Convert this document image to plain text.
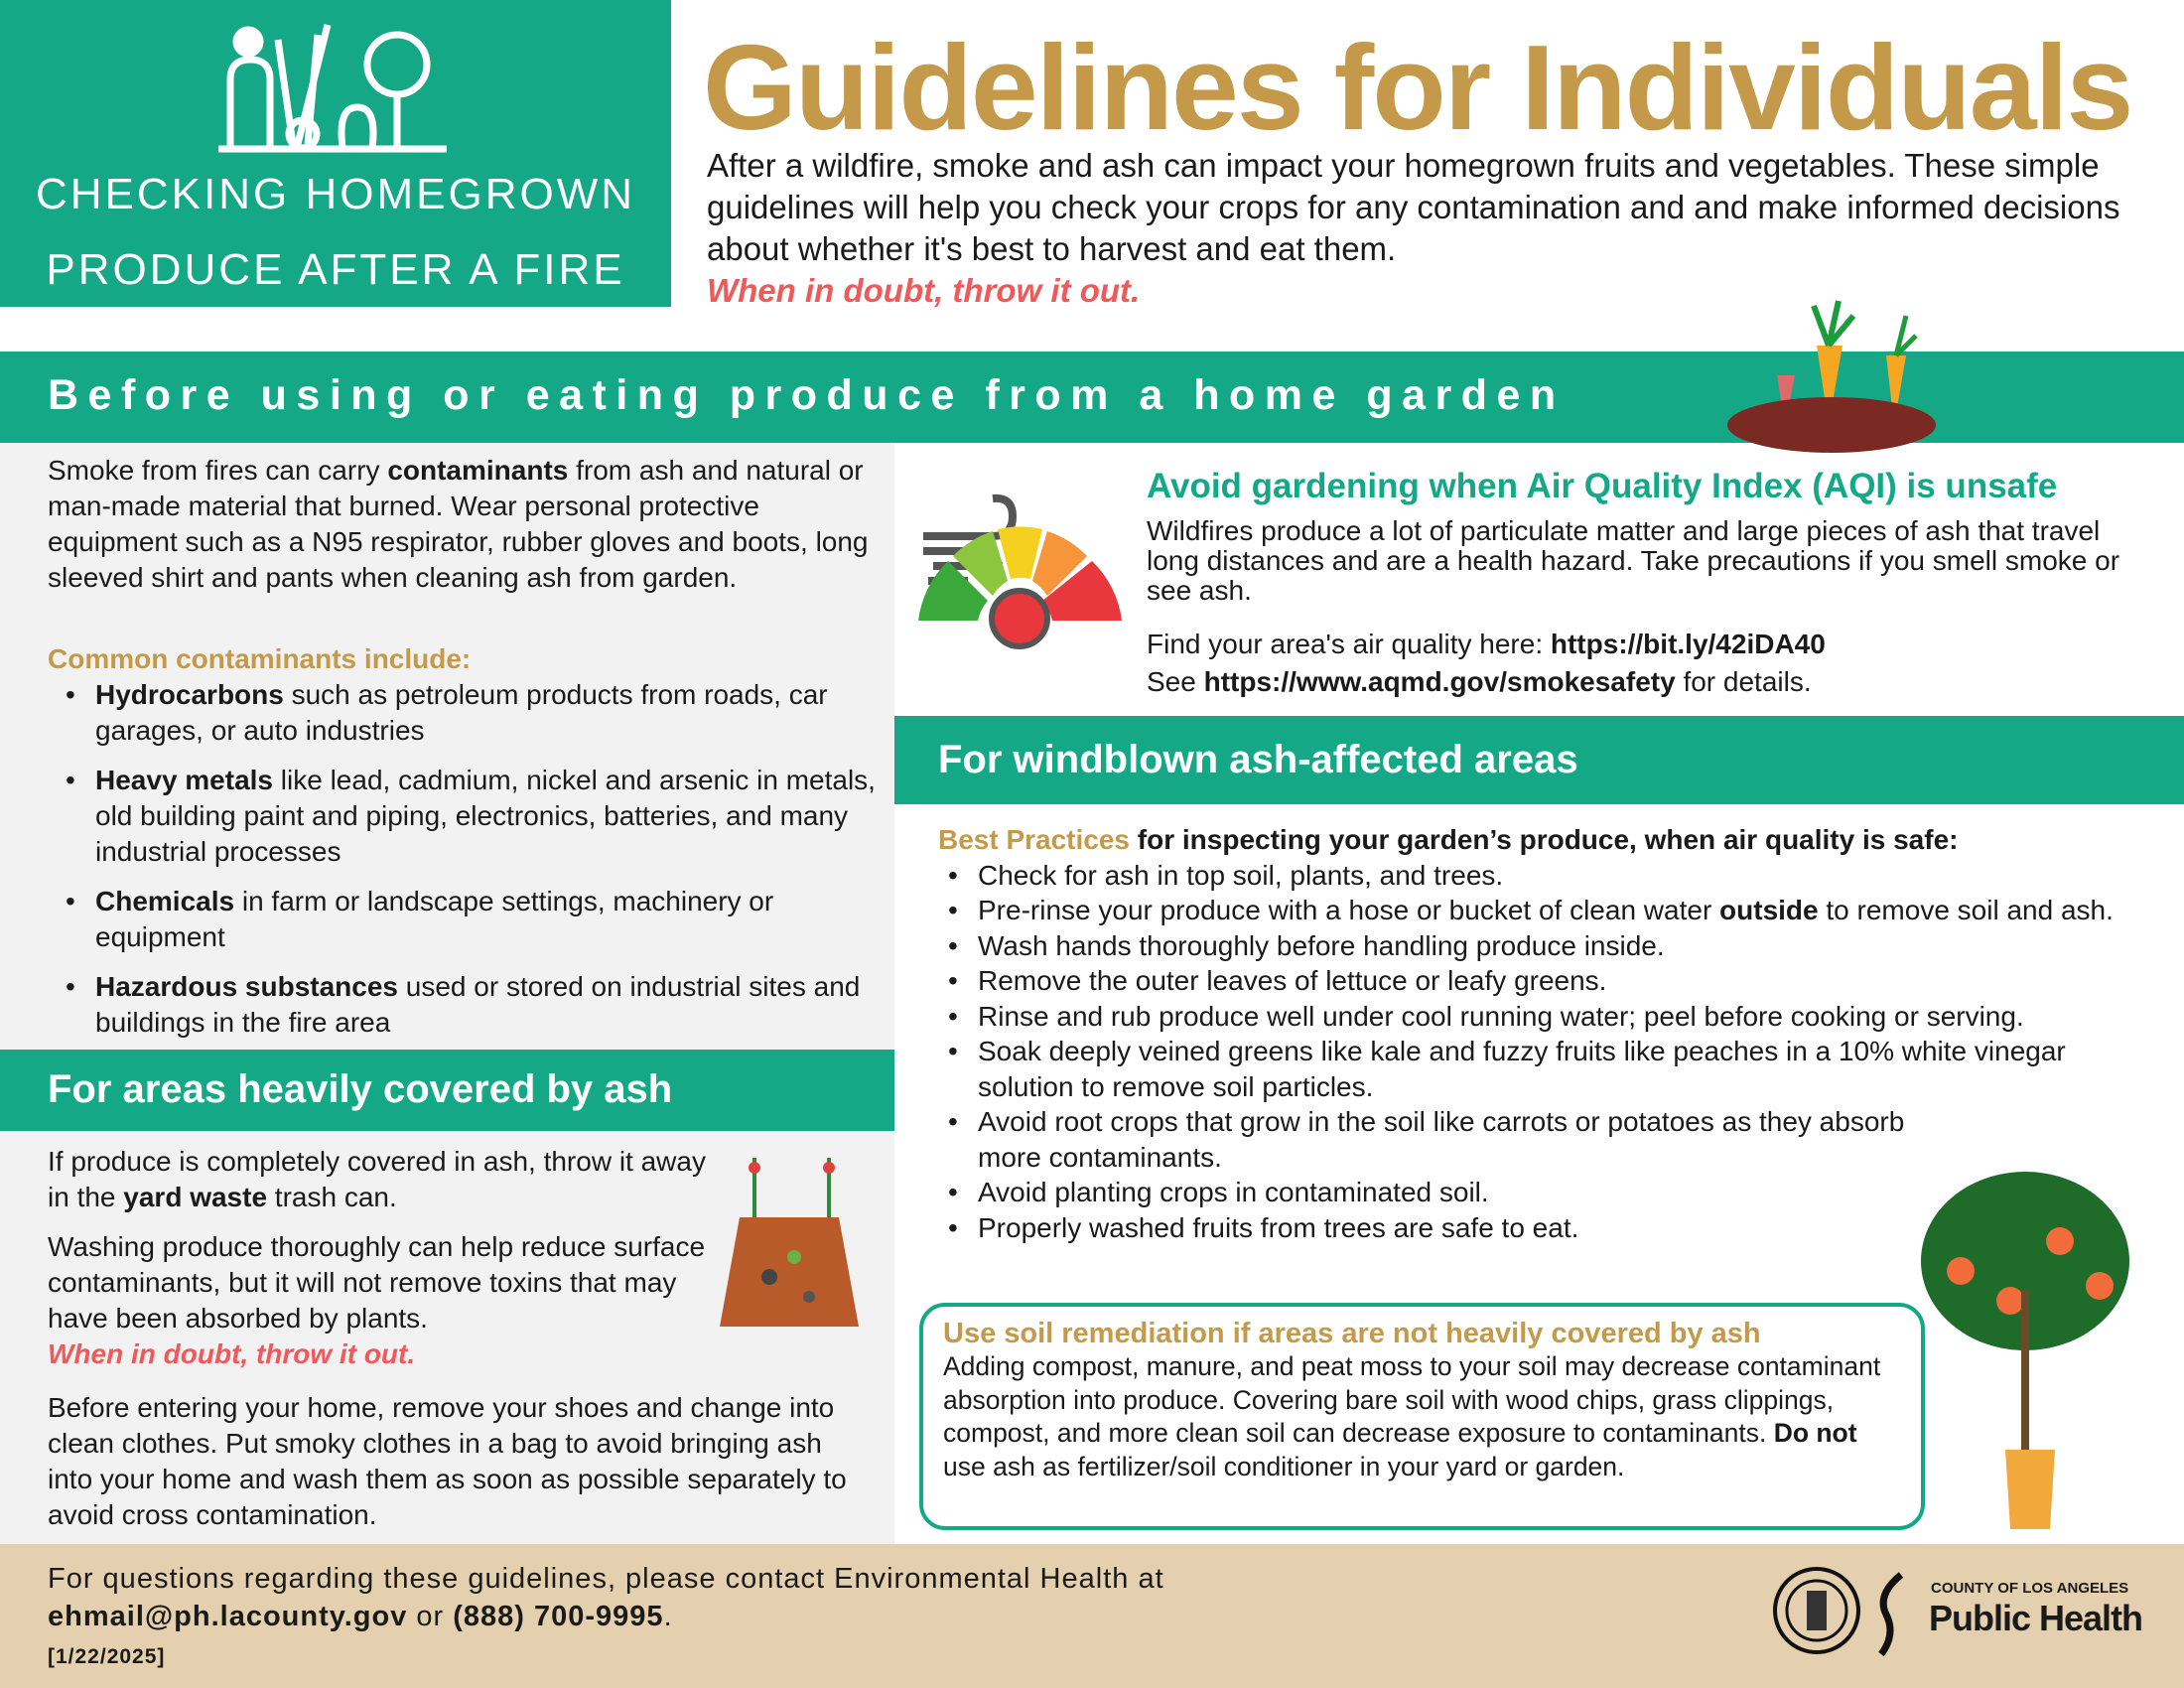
CHECKING HOMEGROWN
PRODUCE AFTER A FIRE
Guidelines for Individuals
After a wildfire, smoke and ash can impact your homegrown fruits and vegetables. These simple guidelines will help you check your crops for any contamination and and make informed decisions about whether it's best to harvest and eat them.
When in doubt, throw it out.
Before using or eating produce from a home garden
Smoke from fires can carry contaminants from ash and natural or man-made material that burned. Wear personal protective equipment such as a N95 respirator, rubber gloves and boots, long sleeved shirt and pants when cleaning ash from garden.
Common contaminants include:
• Hydrocarbons such as petroleum products from roads, car garages, or auto industries
• Heavy metals like lead, cadmium, nickel and arsenic in metals, old building paint and piping, electronics, batteries, and many industrial processes
• Chemicals in farm or landscape settings, machinery or equipment
• Hazardous substances used or stored on industrial sites and buildings in the fire area
If produce is completely covered in ash, throw it away in the yard waste trash can.
Washing produce thoroughly can help reduce surface contaminants, but it will not remove toxins that may have been absorbed by plants.
When in doubt, throw it out.
Before entering your home, remove your shoes and change into clean clothes. Put smoky clothes in a bag to avoid bringing ash into your home and wash them as soon as possible separately to avoid cross contamination.
For areas heavily covered by ash
Avoid gardening when Air Quality Index (AQI) is unsafe
Wildfires produce a lot of particulate matter and large pieces of ash that travel long distances and are a health hazard. Take precautions if you smell smoke or see ash.
Find your area's air quality here: https://bit.ly/42iDA40
See https://www.aqmd.gov/smokesafety for details.
For windblown ash-affected areas
Best Practices for inspecting your garden’s produce, when air quality is safe:
• Check for ash in top soil, plants, and trees.
• Pre-rinse your produce with a hose or bucket of clean water outside to remove soil and ash.
• Wash hands thoroughly before handling produce inside.
• Remove the outer leaves of lettuce or leafy greens.
• Rinse and rub produce well under cool running water; peel before cooking or serving.
• Soak deeply veined greens like kale and fuzzy fruits like peaches in a 10% white vinegar solution to remove soil particles.
• Avoid root crops that grow in the soil like carrots or potatoes as they absorb more contaminants.
• Avoid planting crops in contaminated soil.
• Properly washed fruits from trees are safe to eat.
Use soil remediation if areas are not heavily covered by ash

Adding compost, manure, and peat moss to your soil may decrease contaminant absorption into produce. Covering bare soil with wood chips, grass clippings, compost, and more clean soil can decrease exposure to contaminants. Do not use ash as fertilizer/soil conditioner in your yard or garden.

For questions regarding these guidelines, please contact Environmental Health at
ehmail@ph.lacounty.gov or (888) 700-9995.
[1/22/2025]
COUNTY OF LOS ANGELES
Public Health
